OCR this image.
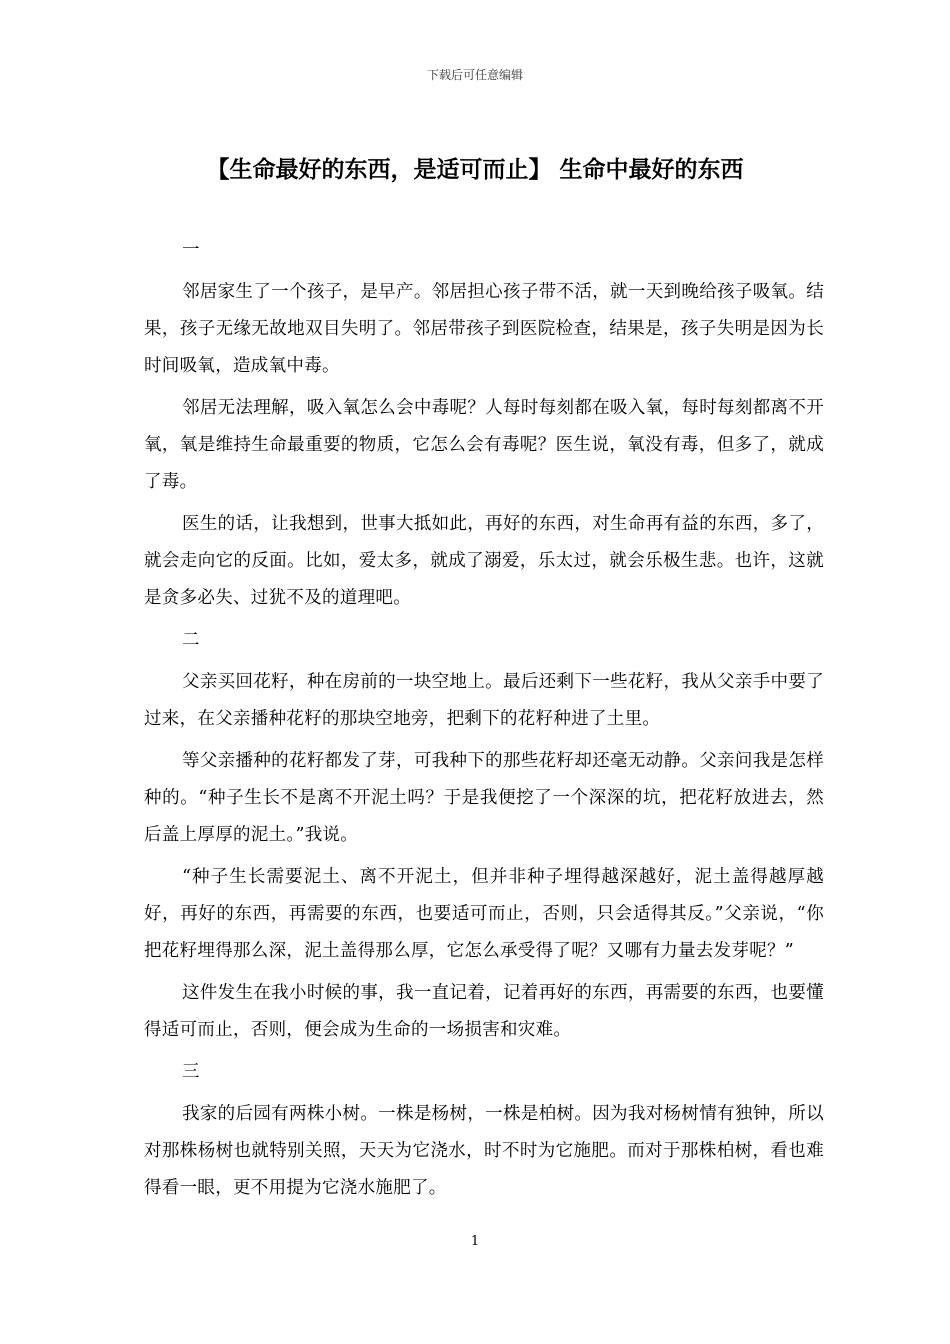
下载后可任意编辑
【生命最好的东西，是适可而止】 生命中最好的东西

一

邻居家生了一个孩子，是早产。邻居担心孩子带不活，就一天到晚给孩子吸氧。结果，孩子无缘无故地双目失明了。邻居带孩子到医院检查，结果是，孩子失明是因为长时间吸氧，造成氧中毒。

邻居无法理解，吸入氧怎么会中毒呢？人每时每刻都在吸入氧，每时每刻都离不开氧，氧是维持生命最重要的物质，它怎么会有毒呢？医生说，氧没有毒，但多了，就成了毒。

医生的话，让我想到，世事大抵如此，再好的东西，对生命再有益的东西，多了，就会走向它的反面。比如，爱太多，就成了溺爱，乐太过，就会乐极生悲。也许，这就是贪多必失、过犹不及的道理吧。

二

父亲买回花籽，种在房前的一块空地上。最后还剩下一些花籽，我从父亲手中要了过来，在父亲播种花籽的那块空地旁，把剩下的花籽种进了土里。

等父亲播种的花籽都发了芽，可我种下的那些花籽却还毫无动静。父亲问我是怎样种的。“种子生长不是离不开泥土吗？于是我便挖了一个深深的坑，把花籽放进去，然后盖上厚厚的泥土。”我说。

“种子生长需要泥土、离不开泥土，但并非种子埋得越深越好，泥土盖得越厚越好，再好的东西，再需要的东西，也要适可而止，否则，只会适得其反。”父亲说，“你把花籽埋得那么深，泥土盖得那么厚，它怎么承受得了呢？又哪有力量去发芽呢？”

这件发生在我小时候的事，我一直记着，记着再好的东西，再需要的东西，也要懂得适可而止，否则，便会成为生命的一场损害和灾难。

三

我家的后园有两株小树。一株是杨树，一株是柏树。因为我对杨树情有独钟，所以对那株杨树也就特别关照，天天为它浇水，时不时为它施肥。而对于那株柏树，看也难得看一眼，更不用提为它浇水施肥了。

1
